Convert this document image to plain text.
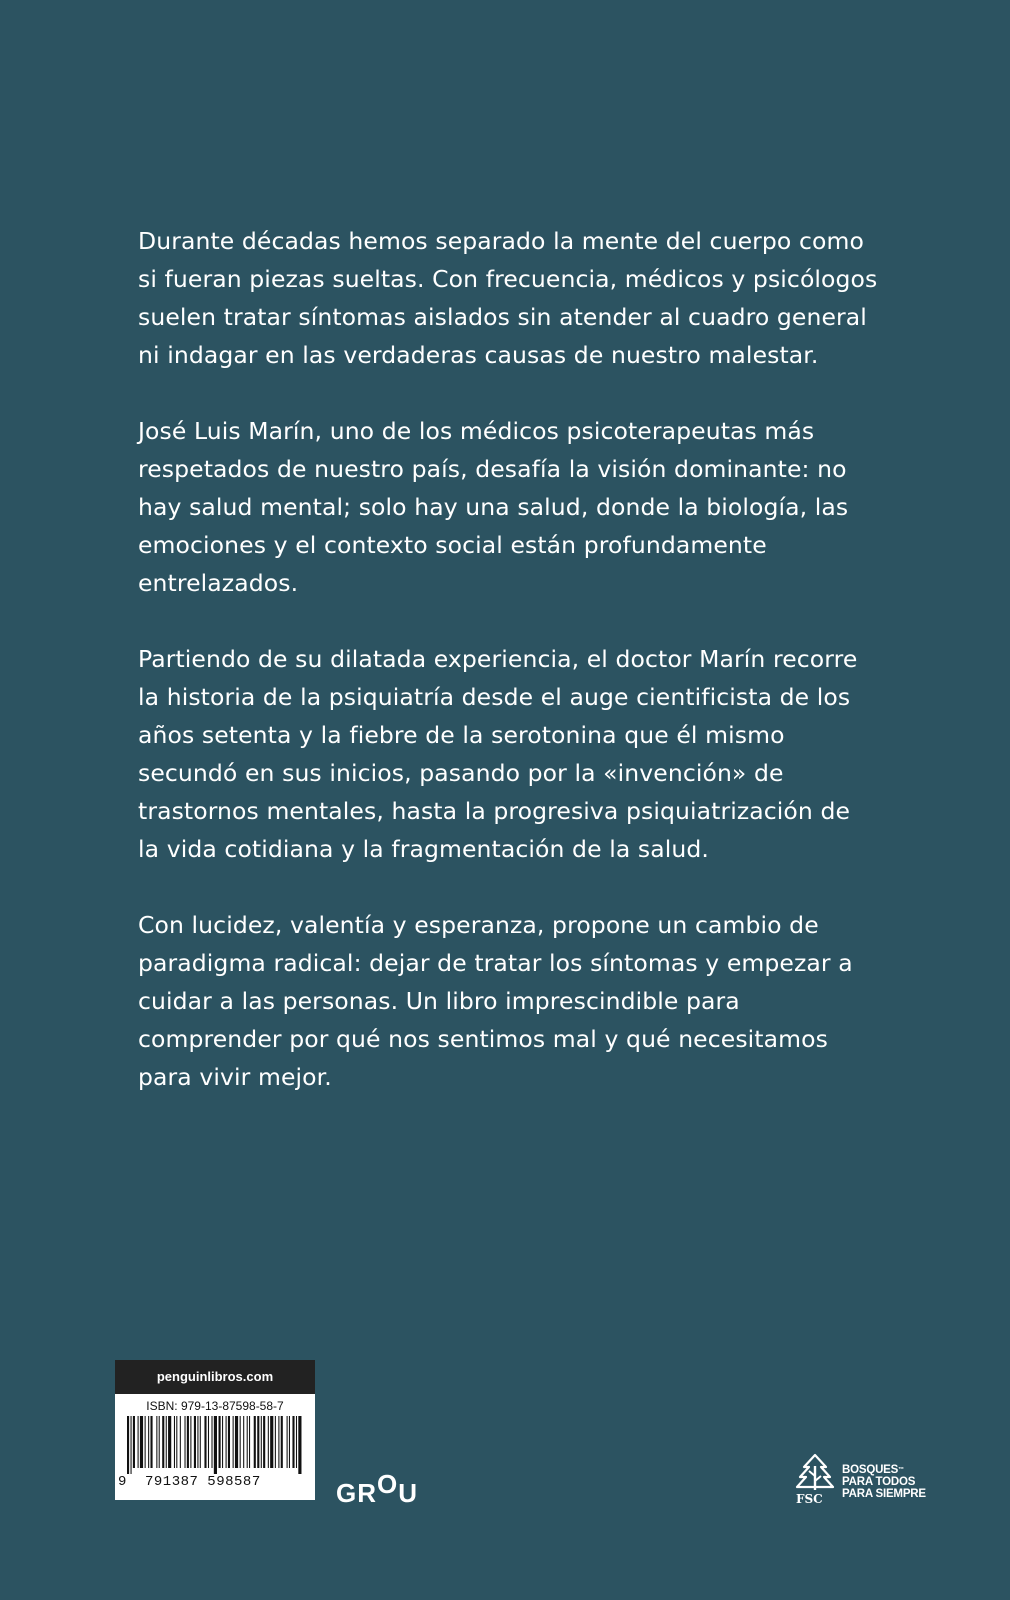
Durante décadas hemos separado la mente del cuerpo como si fueran piezas sueltas. Con frecuencia, médicos y psicólogos suelen tratar síntomas aislados sin atender al cuadro general ni indagar en las verdaderas causas de nuestro malestar.

José Luis Marín, uno de los médicos psicoterapeutas más respetados de nuestro país, desafía la visión dominante: no hay salud mental; solo hay una salud, donde la biología, las emociones y el contexto social están profundamente entrelazados.

Partiendo de su dilatada experiencia, el doctor Marín recorre la historia de la psiquiatría desde el auge cientificista de los años setenta y la fiebre de la serotonina que él mismo secundó en sus inicios, pasando por la «invención» de trastornos mentales, hasta la progresiva psiquiatrización de la vida cotidiana y la fragmentación de la salud.

Con lucidez, valentía y esperanza, propone un cambio de paradigma radical: dejar de tratar los síntomas y empezar a cuidar a las personas. Un libro imprescindible para comprender por qué nos sentimos mal y qué necesitamos para vivir mejor.

penguinlibros.com
ISBN: 979-13-87598-58-7
9 791387 598587	GROU	FSC
BOSQUES™
PARA TODOS
PARA SIEMPRE
